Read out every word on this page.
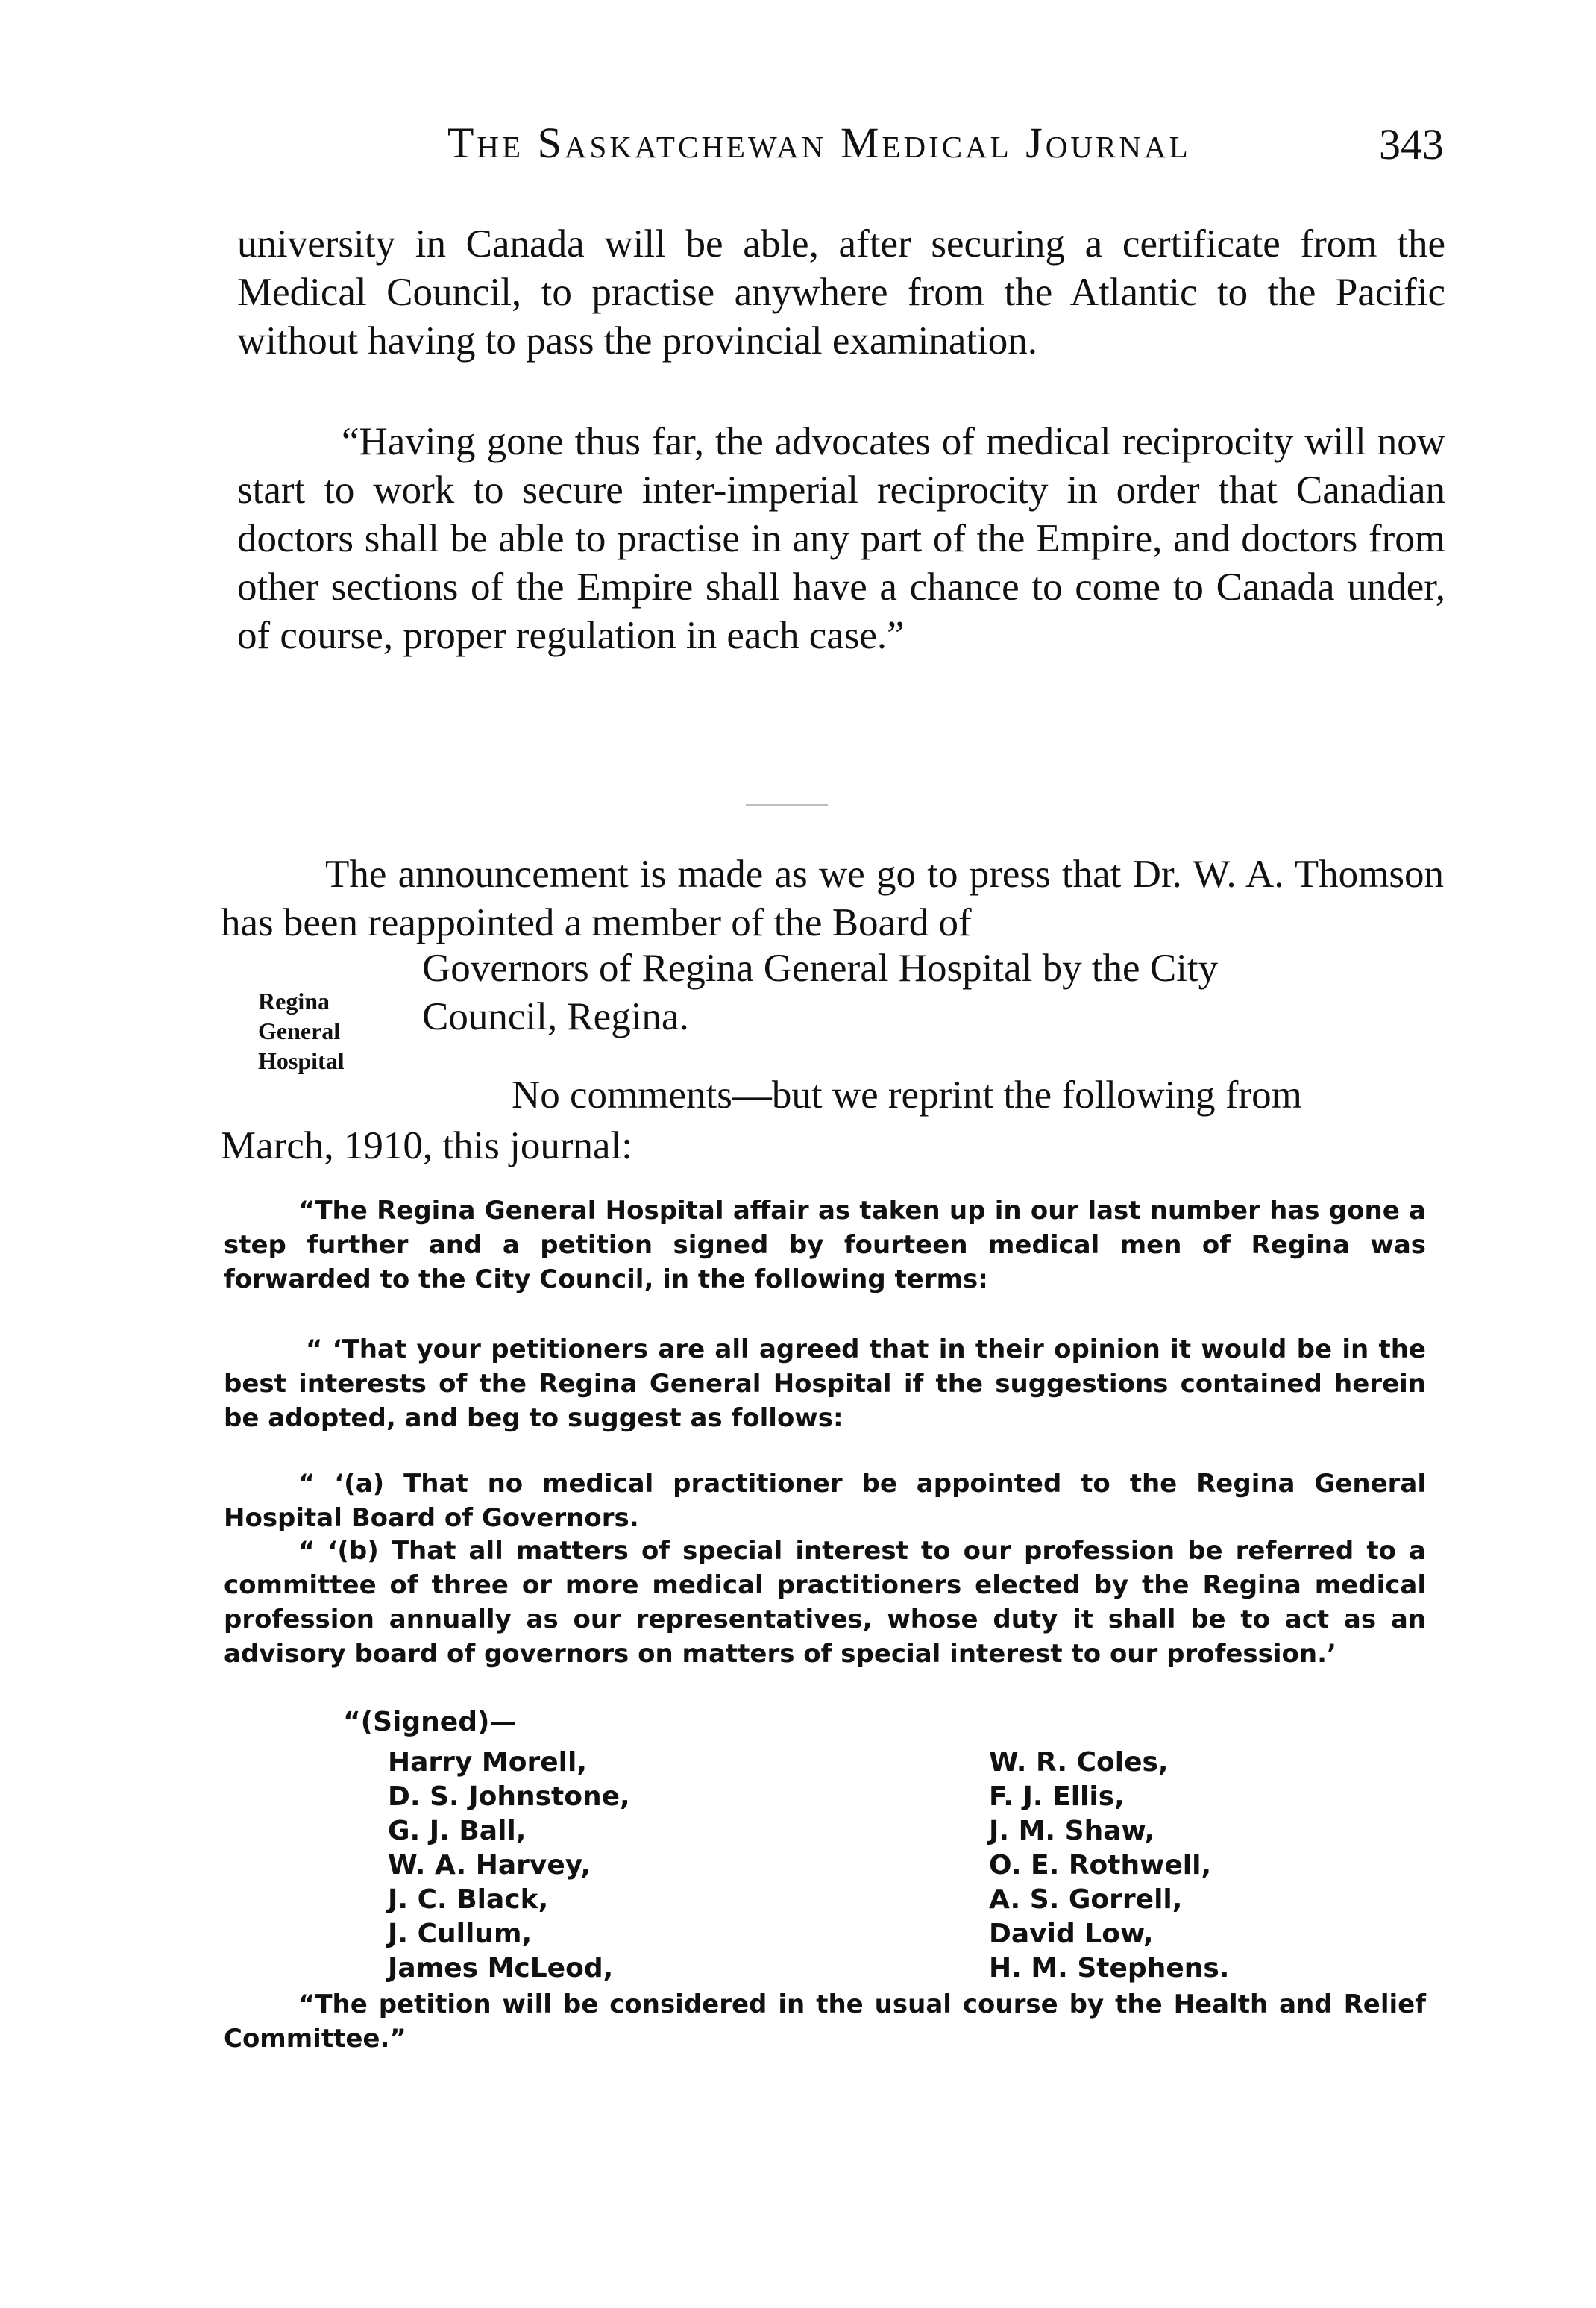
The Saskatchewan Medical Journal	343

university in Canada will be able, after securing a certificate from the Medical Council, to practise anywhere from the Atlantic to the Pacific without having to pass the provincial examination.

“Having gone thus far, the advocates of medical reciprocity will now start to work to secure inter-imperial reciprocity in order that Canadian doctors shall be able to practise in any part of the Empire, and doctors from other sections of the Empire shall have a chance to come to Canada under, of course, proper regulation in each case.”

The announcement is made as we go to press that Dr. W. A. Thomson has been reappointed a member of the Board of

Regina
General
Hospital
Governors of Regina General Hospital by the City
Council, Regina.
No comments—but we reprint the following from
March, 1910, this journal:

“The Regina General Hospital affair as taken up in our last number has gone a step further and a petition signed by fourteen medical men of Regina was forwarded to the City Council, in the following terms:

“ ‘That your petitioners are all agreed that in their opinion it would be in the best interests of the Regina General Hospital if the suggestions contained herein be adopted, and beg to suggest as follows:

“ ‘(a) That no medical practitioner be appointed to the Regina General Hospital Board of Governors.

“ ‘(b) That all matters of special interest to our profession be referred to a committee of three or more medical practitioners elected by the Regina medical profession annually as our representatives, whose duty it shall be to act as an advisory board of governors on matters of special interest to our profession.’

“(Signed)—
Harry Morell,
D. S. Johnstone,
G. J. Ball,
W. A. Harvey,
J. C. Black,
J. Cullum,
James McLeod,
W. R. Coles,
F. J. Ellis,
J. M. Shaw,
O. E. Rothwell,
A. S. Gorrell,
David Low,
H. M. Stephens.

“The petition will be considered in the usual course by the Health and Relief Committee.”
